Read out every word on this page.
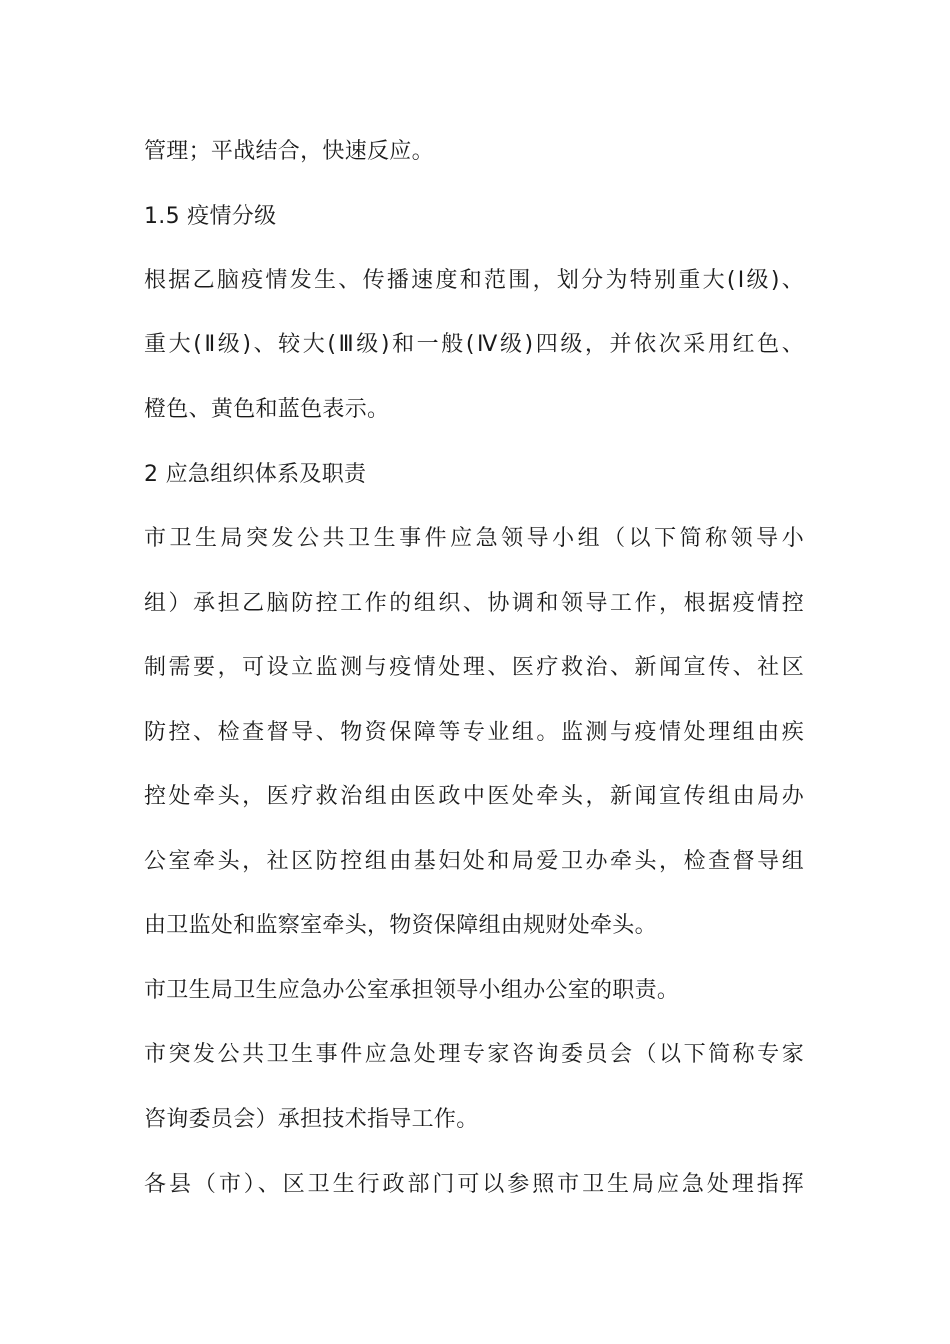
管理；平战结合，快速反应。
1.5 疫情分级
根据乙脑疫情发生、传播速度和范围，划分为特别重大(Ⅰ级)、
重大(Ⅱ级)、较大(Ⅲ级)和一般(Ⅳ级)四级，并依次采用红色、
橙色、黄色和蓝色表示。
2 应急组织体系及职责
市卫生局突发公共卫生事件应急领导小组（以下简称领导小
组）承担乙脑防控工作的组织、协调和领导工作，根据疫情控
制需要，可设立监测与疫情处理、医疗救治、新闻宣传、社区
防控、检查督导、物资保障等专业组。监测与疫情处理组由疾
控处牵头，医疗救治组由医政中医处牵头，新闻宣传组由局办
公室牵头，社区防控组由基妇处和局爱卫办牵头，检查督导组
由卫监处和监察室牵头，物资保障组由规财处牵头。
市卫生局卫生应急办公室承担领导小组办公室的职责。
市突发公共卫生事件应急处理专家咨询委员会（以下简称专家
咨询委员会）承担技术指导工作。
各县（市）、区卫生行政部门可以参照市卫生局应急处理指挥
